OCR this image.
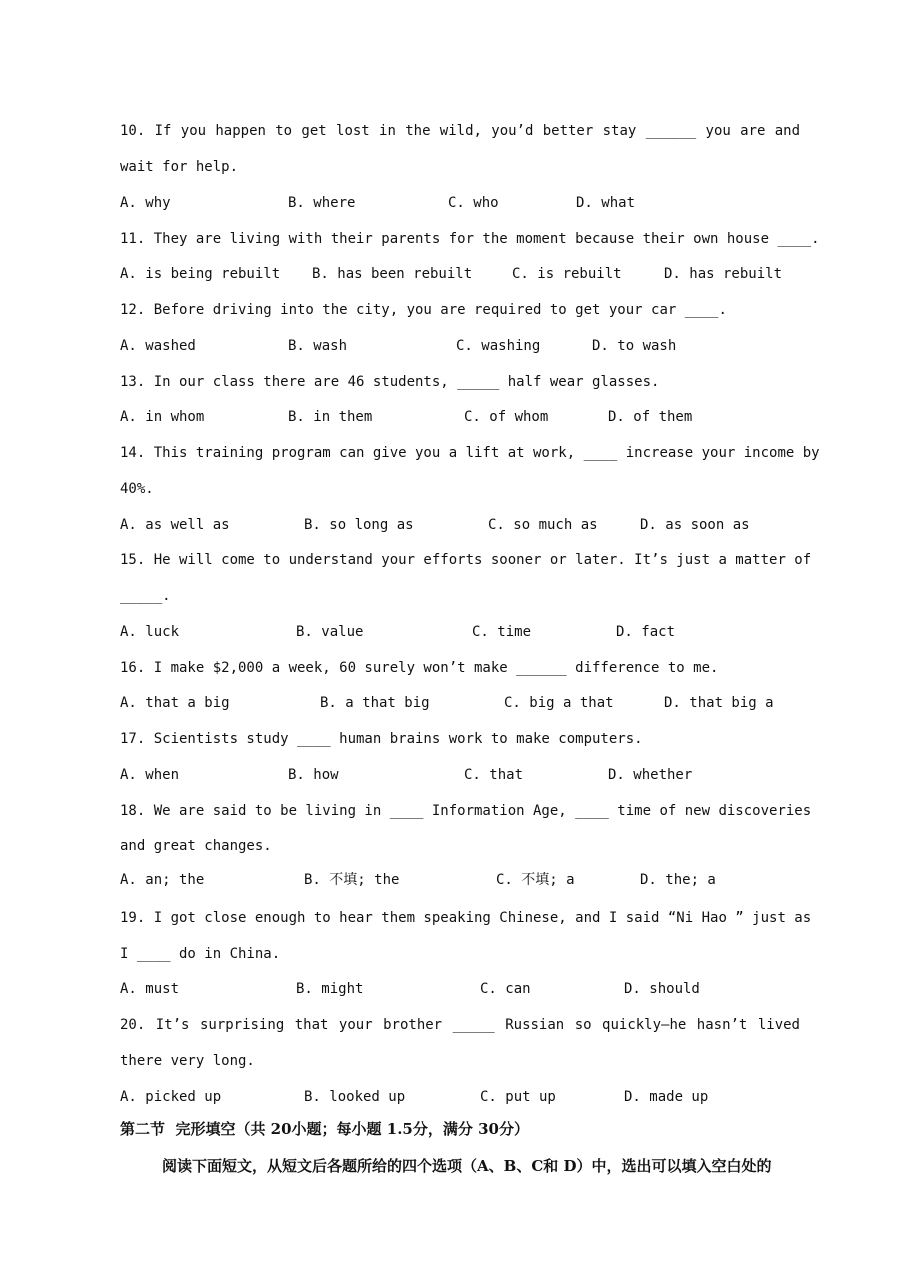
10. If you happen to get lost in the wild, you’d better stay ______ you are and
wait for help.
A. why	B. where	C. who	D. what
11. They are living with their parents for the moment because their own house ____.
A. is being rebuilt B. has been rebuilt	C. is rebuilt	D. has rebuilt
12. Before driving into the city, you are required to get your car ____.
A. washed	B. wash	C. washing	D. to wash
13. In our class there are 46 students, _____ half wear glasses.
A. in whom	B. in them	C. of whom	D. of them
14. This training program can give you a lift at work, ____ increase your income by
40%.
A. as well as	B. so long as	C. so much as	D. as soon as
15. He will come to understand your efforts sooner or later. It’s just a matter of
_____.
A. luck	B. value	C. time	D. fact
16. I make $2,000 a week, 60 surely won’t make ______ difference to me.
A. that a big	B. a that big	C. big a that	D. that big a
17. Scientists study ____ human brains work to make computers.
A. when	B. how	C. that	D. whether
18. We are said to be living in ____ Information Age, ____ time of new discoveries
and great changes.
A. an; the	B. 不填; the	C. 不填; a	D. the; a
19. I got close enough to hear them speaking Chinese, and I said “Ni Hao ” just as
I ____ do in China.
A. must	B. might	C. can	D. should
20. It’s surprising that your brother _____ Russian so quickly—he hasn’t lived
there very long.
A. picked up	B. looked up	C. put up	D. made up
第二节  完形填空（共 20小题；每小题 1.5分，满分 30分）
阅读下面短文，从短文后各题所给的四个选项（A、B、C和 D）中，选出可以填入空白处的
